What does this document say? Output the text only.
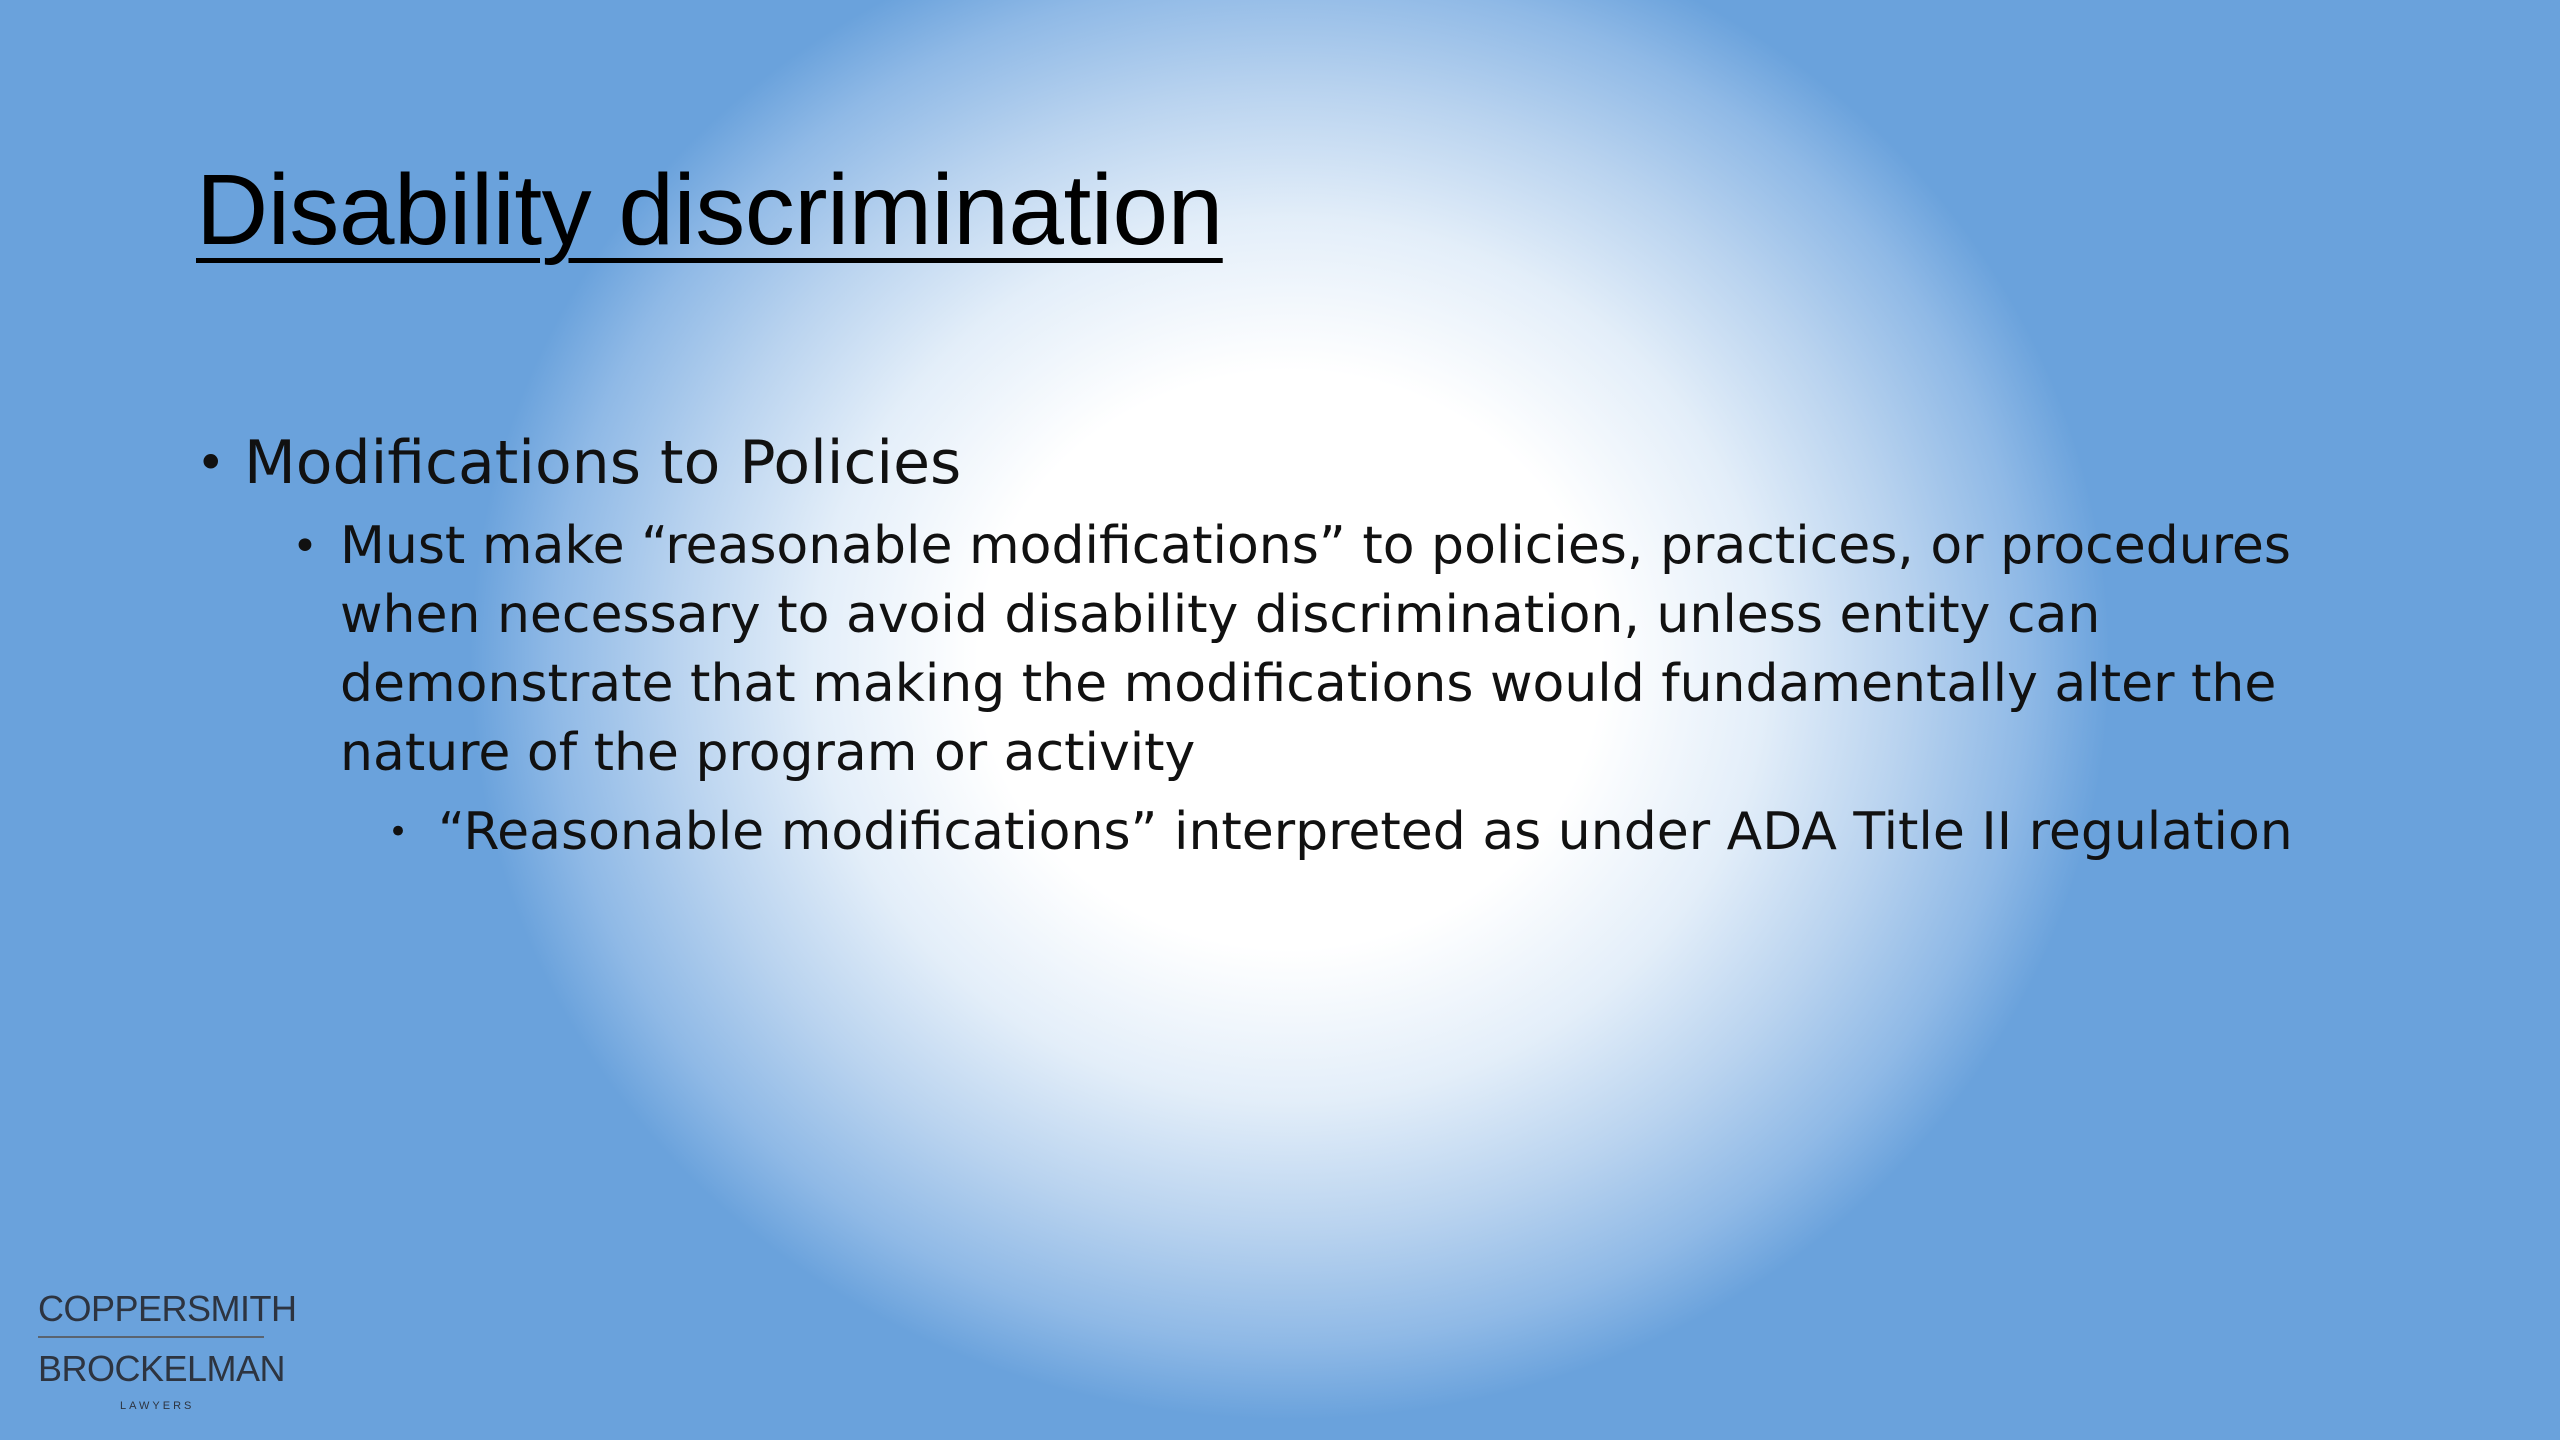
Disability discrimination
• Modifications to Policies
• Must make “reasonable modifications” to policies, practices, or procedures when necessary to avoid disability discrimination, unless entity can demonstrate that making the modifications would fundamentally alter the nature of the program or activity
• “Reasonable modifications” interpreted as under ADA Title II regulation
COPPERSMITH
BROCKELMAN
LAWYERS
